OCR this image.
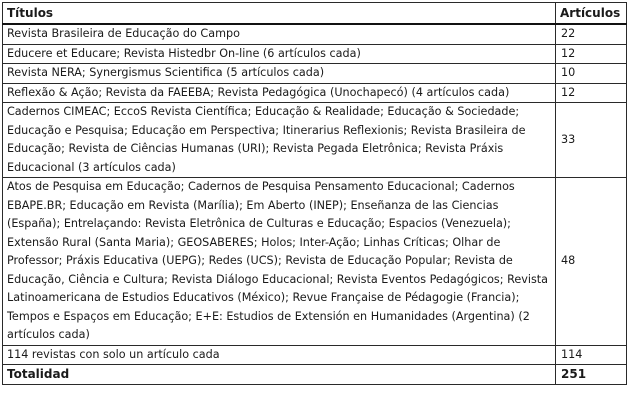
Títulos	Artículos
Revista Brasileira de Educação do Campo	22
Educere et Educare; Revista Histedbr On-line (6 artículos cada)	12
Revista NERA; Synergismus Scientifica (5 artículos cada)	10
Reflexão & Ação; Revista da FAEEBA; Revista Pedagógica (Unochapecó) (4 artículos cada)	12
Cadernos CIMEAC; EccoS Revista Científica; Educação & Realidade; Educação & Sociedade; Educação e Pesquisa; Educação em Perspectiva; Itinerarius Reflexionis; Revista Brasileira de Educação; Revista de Ciências Humanas (URI); Revista Pegada Eletrônica; Revista Práxis Educacional (3 artículos cada)	33
Atos de Pesquisa em Educação; Cadernos de Pesquisa Pensamento Educacional; Cadernos EBAPE.BR; Educação em Revista (Marília); Em Aberto (INEP); Enseñanza de las Ciencias (España); Entrelaçando: Revista Eletrônica de Culturas e Educação; Espacios (Venezuela); Extensão Rural (Santa Maria); GEOSABERES; Holos; Inter-Ação; Linhas Críticas; Olhar de Professor; Práxis Educativa (UEPG); Redes (UCS); Revista de Educação Popular; Revista de Educação, Ciência e Cultura; Revista Diálogo Educacional; Revista Eventos Pedagógicos; Revista Latinoamericana de Estudios Educativos (México); Revue Française de Pédagogie (Francia); Tempos e Espaços em Educação; E+E: Estudios de Extensión en Humanidades (Argentina) (2 artículos cada)	48
114 revistas con solo un artículo cada	114
Totalidad	251
